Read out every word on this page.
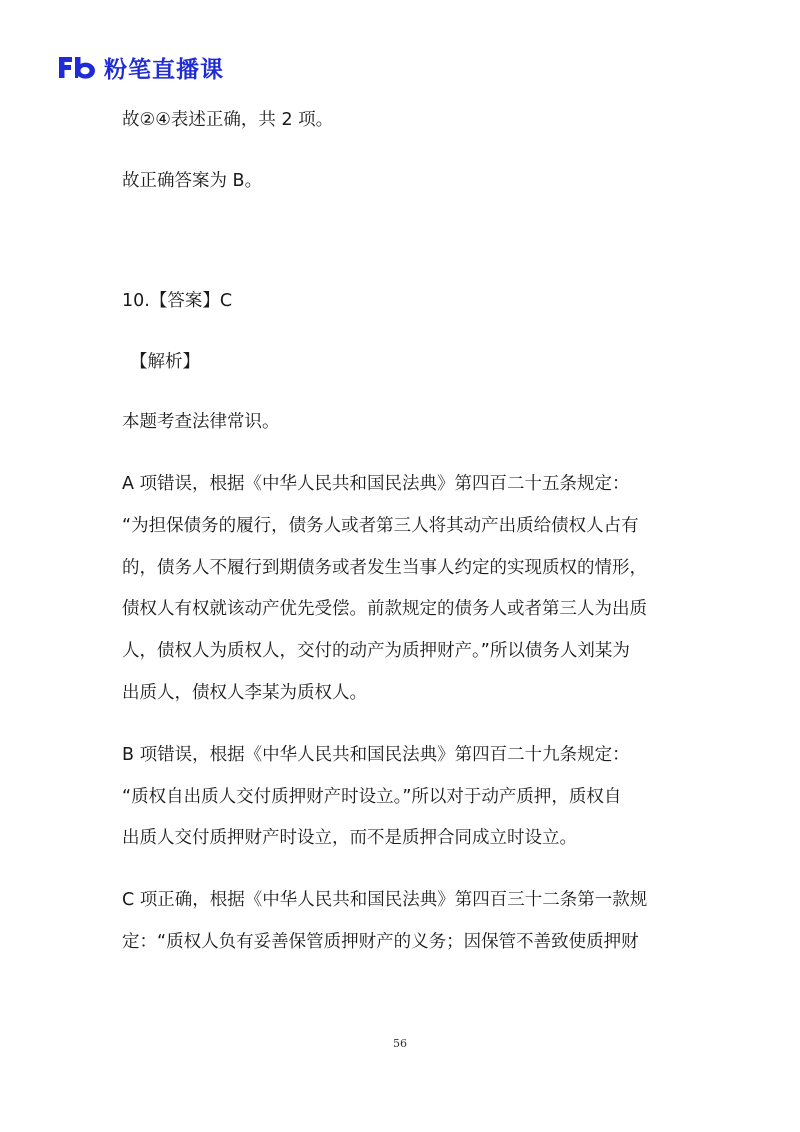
粉笔直播课

故②④表述正确，共 2 项。

故正确答案为 B。

10.【答案】C

【解析】

本题考查法律常识。

A 项错误，根据《中华人民共和国民法典》第四百二十五条规定：

“为担保债务的履行，债务人或者第三人将其动产出质给债权人占有

的，债务人不履行到期债务或者发生当事人约定的实现质权的情形，

债权人有权就该动产优先受偿。前款规定的债务人或者第三人为出质

人，债权人为质权人，交付的动产为质押财产。”所以债务人刘某为

出质人，债权人李某为质权人。

B 项错误，根据《中华人民共和国民法典》第四百二十九条规定：

“质权自出质人交付质押财产时设立。”所以对于动产质押，质权自

出质人交付质押财产时设立，而不是质押合同成立时设立。

C 项正确，根据《中华人民共和国民法典》第四百三十二条第一款规

定：“质权人负有妥善保管质押财产的义务；因保管不善致使质押财

56
